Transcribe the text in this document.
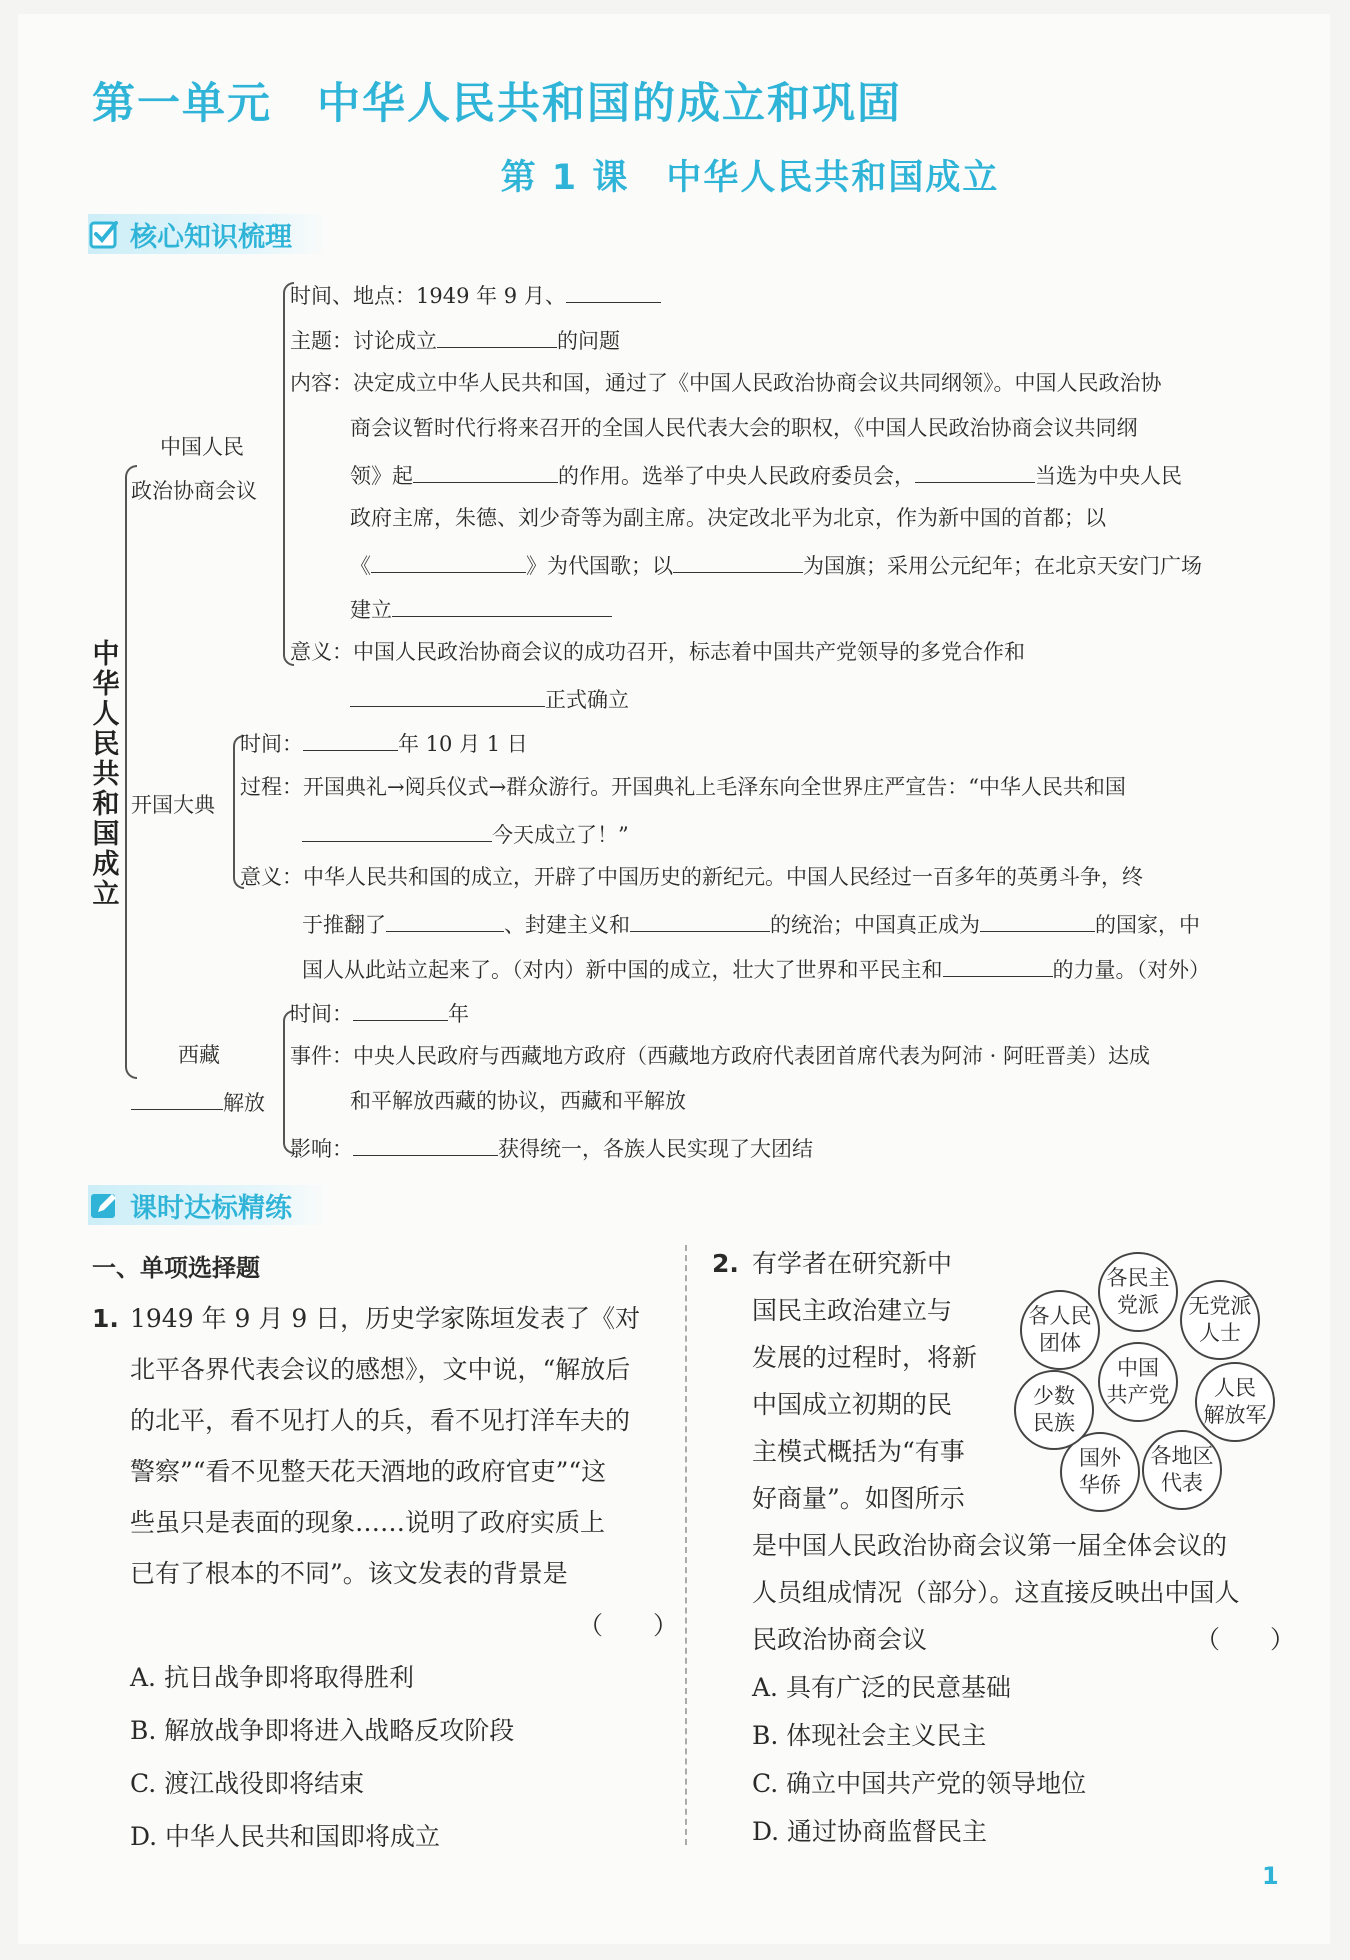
第一单元　中华人民共和国的成立和巩固
第 1 课　中华人民共和国成立
核心知识梳理
中华人民共和国成立
中国人民
政治协商会议
时间、地点：1949 年 9 月、
主题：讨论成立	的问题
内容：决定成立中华人民共和国，通过了《中国人民政治协商会议共同纲领》。中国人民政治协
商会议暂时代行将来召开的全国人民代表大会的职权，《中国人民政治协商会议共同纲
领》起	的作用。选举了中央人民政府委员会，	当选为中央人民
政府主席，朱德、刘少奇等为副主席。决定改北平为北京，作为新中国的首都；以
《	》为代国歌；以	为国旗；采用公元纪年；在北京天安门广场
建立
意义：中国人民政治协商会议的成功召开，标志着中国共产党领导的多党合作和
正式确立
开国大典
时间：	年 10 月 1 日
过程：开国典礼→阅兵仪式→群众游行。开国典礼上毛泽东向全世界庄严宣告：“中华人民共和国
今天成立了！”
意义：中华人民共和国的成立，开辟了中国历史的新纪元。中国人民经过一百多年的英勇斗争，终
于推翻了	、封建主义和	的统治；中国真正成为	的国家，中
国人从此站立起来了。（对内）新中国的成立，壮大了世界和平民主和	的力量。（对外）
西藏
解放
时间：	年
事件：中央人民政府与西藏地方政府（西藏地方政府代表团首席代表为阿沛 · 阿旺晋美）达成
和平解放西藏的协议，西藏和平解放
影响：	获得统一，各族人民实现了大团结
课时达标精练
一、单项选择题
1. 1949 年 9 月 9 日，历史学家陈垣发表了《对
北平各界代表会议的感想》，文中说，“解放后
的北平，看不见打人的兵，看不见打洋车夫的
警察”“看不见整天花天酒地的政府官吏”“这
些虽只是表面的现象……说明了政府实质上
已有了根本的不同”。该文发表的背景是
（　　）
A. 抗日战争即将取得胜利
B. 解放战争即将进入战略反攻阶段
C. 渡江战役即将结束
D. 中华人民共和国即将成立
2. 有学者在研究新中
国民主政治建立与
发展的过程时，将新
中国成立初期的民
主模式概括为“有事
好商量”。如图所示
是中国人民政治协商会议第一届全体会议的
人员组成情况（部分）。这直接反映出中国人
民政治协商会议	（　　）
A. 具有广泛的民意基础
B. 体现社会主义民主
C. 确立中国共产党的领导地位
D. 通过协商监督民主
各民主
党派	无党派
人士
人民
解放军
各地区
代表
国外
华侨
少数
民族
各人民
团体
中国
共产党
1
